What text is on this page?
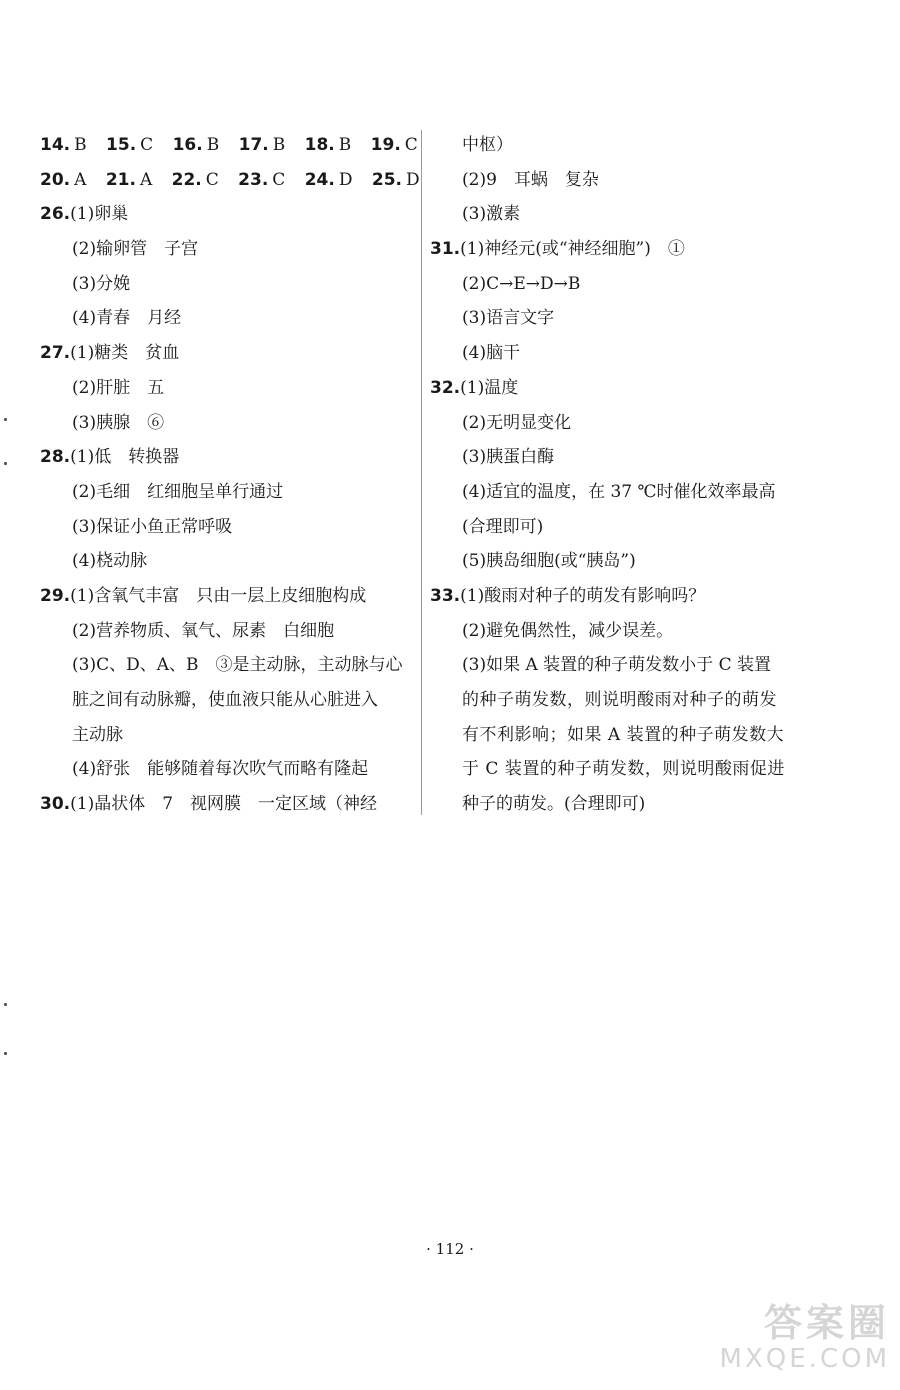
14. B 15. C 16. B 17. B 18. B 19. C
20. A 21. A 22. C 23. C 24. D 25. D
26.(1)卵巢
(2)输卵管　子宫
(3)分娩
(4)青春　月经
27.(1)糖类　贫血
(2)肝脏　五
(3)胰腺　⑥
28.(1)低　转换器
(2)毛细　红细胞呈单行通过
(3)保证小鱼正常呼吸
(4)桡动脉
29.(1)含氧气丰富　只由一层上皮细胞构成
(2)营养物质、氧气、尿素　白细胞
(3)C、D、A、B　③是主动脉，主动脉与心
脏之间有动脉瓣，使血液只能从心脏进入
主动脉
(4)舒张　能够随着每次吹气而略有隆起
30.(1)晶状体　7　视网膜　一定区域（神经
中枢）
(2)9　耳蜗　复杂
(3)激素
31.(1)神经元(或“神经细胞”)　①
(2)C→E→D→B
(3)语言文字
(4)脑干
32.(1)温度
(2)无明显变化
(3)胰蛋白酶
(4)适宜的温度，在 37 ℃时催化效率最高
(合理即可)
(5)胰岛细胞(或“胰岛”)
33.(1)酸雨对种子的萌发有影响吗？
(2)避免偶然性，减少误差。
(3)如果 A 装置的种子萌发数小于 C 装置
的种子萌发数，则说明酸雨对种子的萌发
有不利影响；如果 A 装置的种子萌发数大
于 C 装置的种子萌发数，则说明酸雨促进
种子的萌发。(合理即可)
· 112 ·
答案圈
MXQE.COM
